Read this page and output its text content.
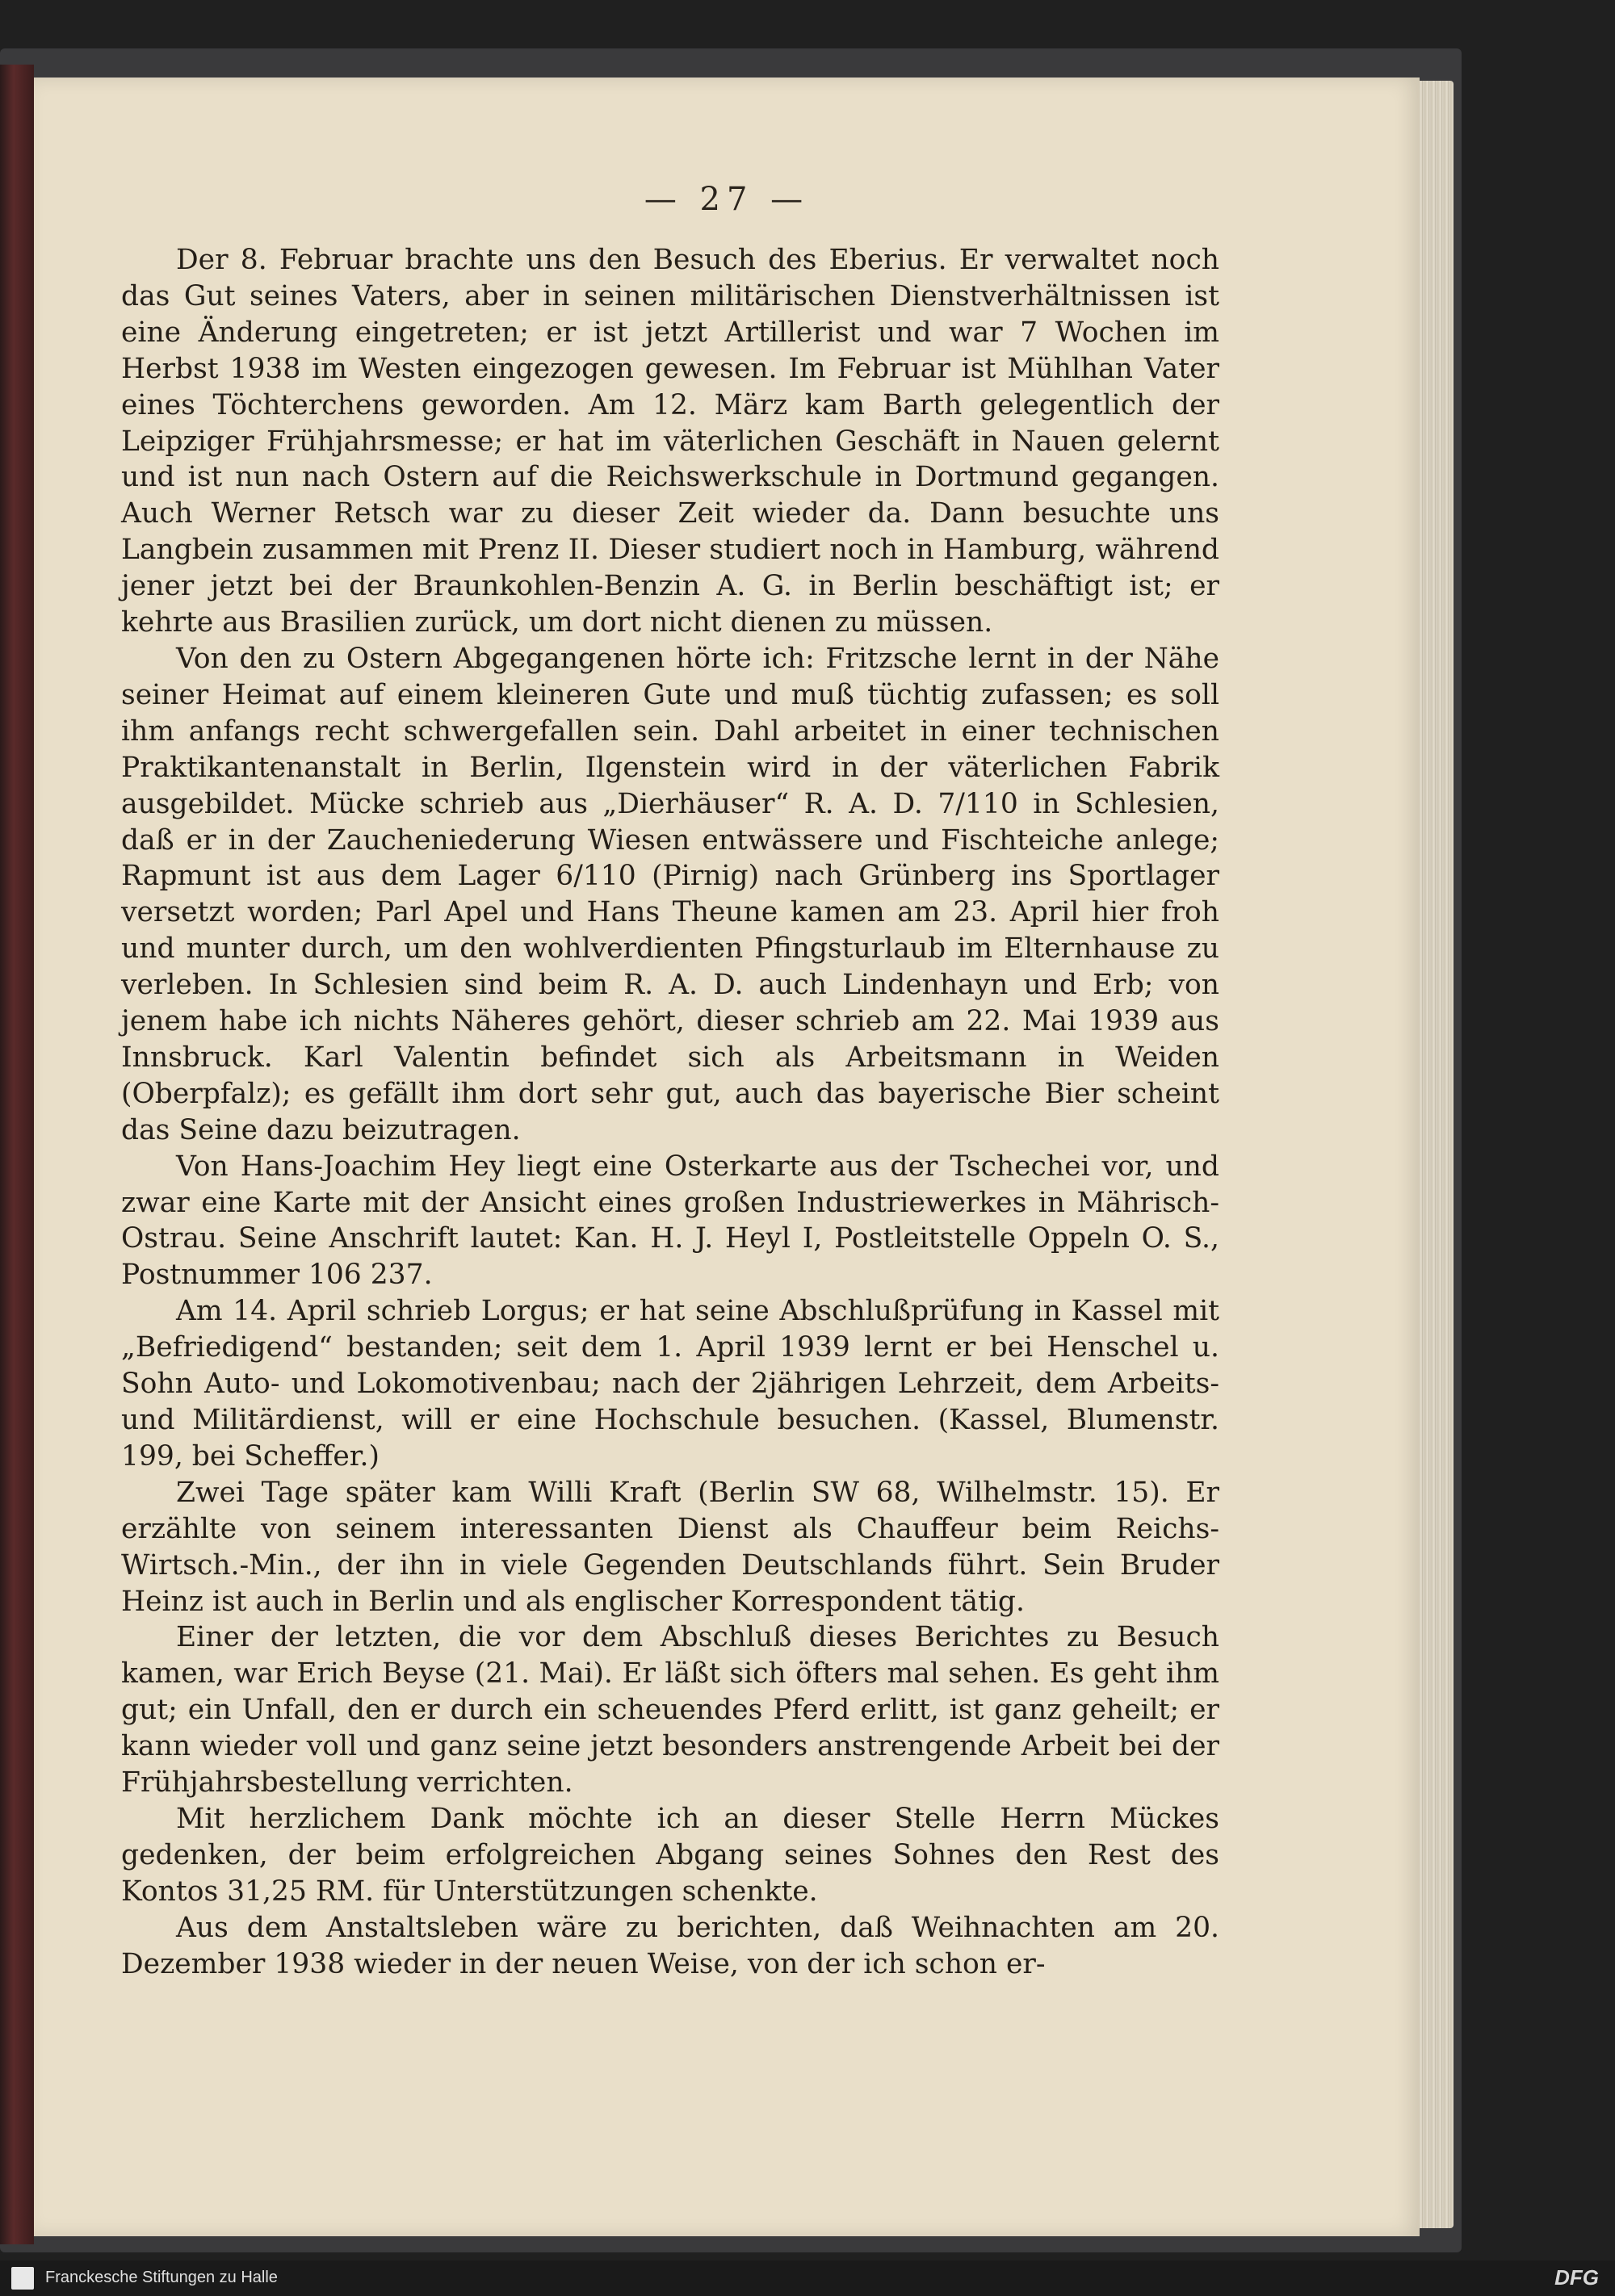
— 27 —

Der 8. Februar brachte uns den Besuch des Eberius. Er verwaltet noch das Gut seines Vaters, aber in seinen militärischen Dienstverhältnissen ist eine Änderung eingetreten; er ist jetzt Artillerist und war 7 Wochen im Herbst 1938 im Westen eingezogen gewesen. Im Februar ist Mühlhan Vater eines Töchterchens geworden. Am 12. März kam Barth gelegentlich der Leipziger Frühjahrsmesse; er hat im väterlichen Geschäft in Nauen gelernt und ist nun nach Ostern auf die Reichswerkschule in Dortmund gegangen. Auch Werner Retsch war zu dieser Zeit wieder da. Dann besuchte uns Langbein zusammen mit Prenz II. Dieser studiert noch in Hamburg, während jener jetzt bei der Braunkohlen-Benzin A. G. in Berlin beschäftigt ist; er kehrte aus Brasilien zurück, um dort nicht dienen zu müssen.

Von den zu Ostern Abgegangenen hörte ich: Fritzsche lernt in der Nähe seiner Heimat auf einem kleineren Gute und muß tüchtig zufassen; es soll ihm anfangs recht schwergefallen sein. Dahl arbeitet in einer technischen Praktikantenanstalt in Berlin, Ilgenstein wird in der väterlichen Fabrik ausgebildet. Mücke schrieb aus „Dierhäuser“ R. A. D. 7/110 in Schlesien, daß er in der Zaucheniederung Wiesen entwässere und Fischteiche anlege; Rapmunt ist aus dem Lager 6/110 (Pirnig) nach Grünberg ins Sportlager versetzt worden; Parl Apel und Hans Theune kamen am 23. April hier froh und munter durch, um den wohlverdienten Pfingsturlaub im Elternhause zu verleben. In Schlesien sind beim R. A. D. auch Lindenhayn und Erb; von jenem habe ich nichts Näheres gehört, dieser schrieb am 22. Mai 1939 aus Innsbruck. Karl Valentin befindet sich als Arbeitsmann in Weiden (Oberpfalz); es gefällt ihm dort sehr gut, auch das bayerische Bier scheint das Seine dazu beizutragen.

Von Hans-Joachim Hey liegt eine Osterkarte aus der Tschechei vor, und zwar eine Karte mit der Ansicht eines großen Industriewerkes in Mährisch-Ostrau. Seine Anschrift lautet: Kan. H. J. Heyl I, Postleitstelle Oppeln O. S., Postnummer 106 237.

Am 14. April schrieb Lorgus; er hat seine Abschlußprüfung in Kassel mit „Befriedigend“ bestanden; seit dem 1. April 1939 lernt er bei Henschel u. Sohn Auto- und Lokomotivenbau; nach der 2jährigen Lehrzeit, dem Arbeits- und Militärdienst, will er eine Hochschule besuchen. (Kassel, Blumenstr. 199, bei Scheffer.)

Zwei Tage später kam Willi Kraft (Berlin SW 68, Wilhelmstr. 15). Er erzählte von seinem interessanten Dienst als Chauffeur beim Reichs-Wirtsch.-Min., der ihn in viele Gegenden Deutschlands führt. Sein Bruder Heinz ist auch in Berlin und als englischer Korrespondent tätig.

Einer der letzten, die vor dem Abschluß dieses Berichtes zu Besuch kamen, war Erich Beyse (21. Mai). Er läßt sich öfters mal sehen. Es geht ihm gut; ein Unfall, den er durch ein scheuendes Pferd erlitt, ist ganz geheilt; er kann wieder voll und ganz seine jetzt besonders anstrengende Arbeit bei der Frühjahrsbestellung verrichten.

Mit herzlichem Dank möchte ich an dieser Stelle Herrn Mückes gedenken, der beim erfolgreichen Abgang seines Sohnes den Rest des Kontos 31,25 RM. für Unterstützungen schenkte.

Aus dem Anstaltsleben wäre zu berichten, daß Weihnachten am 20. Dezember 1938 wieder in der neuen Weise, von der ich schon er-

Franckesche Stiftungen zu Halle	DFG
